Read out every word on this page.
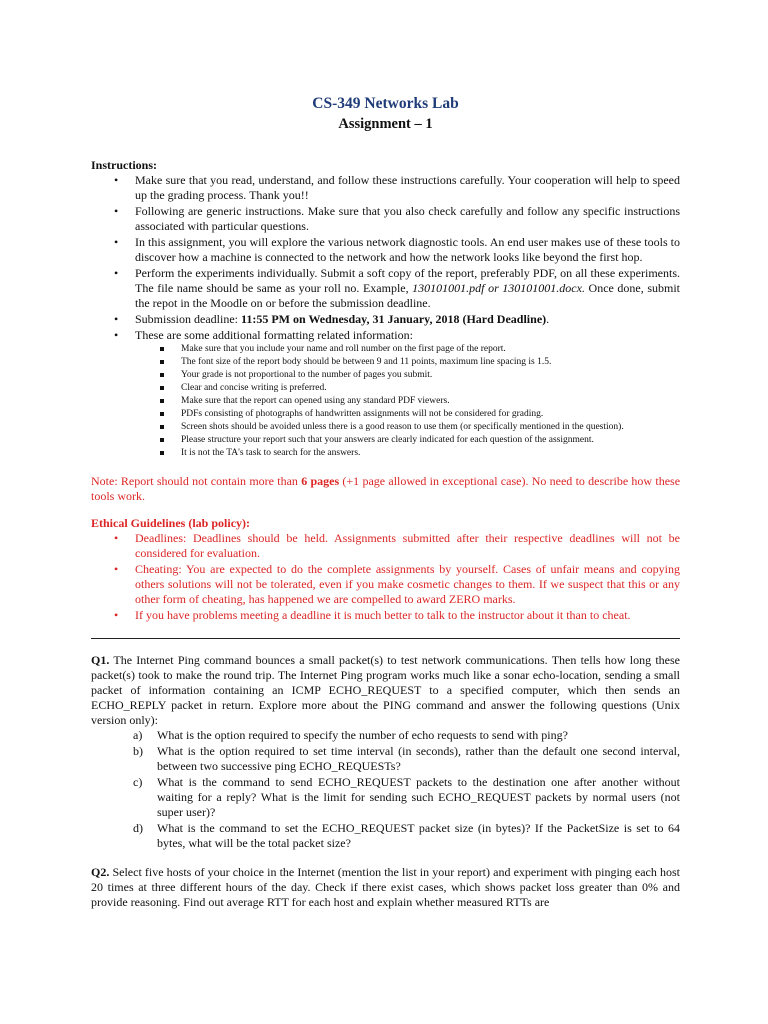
CS-349 Networks Lab
Assignment – 1

Instructions:

• Make sure that you read, understand, and follow these instructions carefully. Your cooperation will help to speed up the grading process. Thank you!!
• Following are generic instructions. Make sure that you also check carefully and follow any specific instructions associated with particular questions.
• In this assignment, you will explore the various network diagnostic tools. An end user makes use of these tools to discover how a machine is connected to the network and how the network looks like beyond the first hop.
• Perform the experiments individually. Submit a soft copy of the report, preferably PDF, on all these experiments. The file name should be same as your roll no. Example, 130101001.pdf or 130101001.docx. Once done, submit the repot in the Moodle on or before the submission deadline.
• Submission deadline: 11:55 PM on Wednesday, 31 January, 2018 (Hard Deadline).
• These are some additional formatting related information:
Make sure that you include your name and roll number on the first page of the report.
The font size of the report body should be between 9 and 11 points, maximum line spacing is 1.5.
Your grade is not proportional to the number of pages you submit.
Clear and concise writing is preferred.
Make sure that the report can opened using any standard PDF viewers.
PDFs consisting of photographs of handwritten assignments will not be considered for grading.
Screen shots should be avoided unless there is a good reason to use them (or specifically mentioned in the question).
Please structure your report such that your answers are clearly indicated for each question of the assignment.
It is not the TA's task to search for the answers.

Note: Report should not contain more than 6 pages (+1 page allowed in exceptional case). No need to describe how these tools work.

Ethical Guidelines (lab policy):

• Deadlines: Deadlines should be held. Assignments submitted after their respective deadlines will not be considered for evaluation.
• Cheating: You are expected to do the complete assignments by yourself. Cases of unfair means and copying others solutions will not be tolerated, even if you make cosmetic changes to them. If we suspect that this or any other form of cheating, has happened we are compelled to award ZERO marks.
• If you have problems meeting a deadline it is much better to talk to the instructor about it than to cheat.

Q1. The Internet Ping command bounces a small packet(s) to test network communications. Then tells how long these packet(s) took to make the round trip. The Internet Ping program works much like a sonar echo-location, sending a small packet of information containing an ICMP ECHO_REQUEST to a specified computer, which then sends an ECHO_REPLY packet in return. Explore more about the PING command and answer the following questions (Unix version only):

a) What is the option required to specify the number of echo requests to send with ping?
b) What is the option required to set time interval (in seconds), rather than the default one second interval, between two successive ping ECHO_REQUESTs?
c) What is the command to send ECHO_REQUEST packets to the destination one after another without waiting for a reply? What is the limit for sending such ECHO_REQUEST packets by normal users (not super user)?
d) What is the command to set the ECHO_REQUEST packet size (in bytes)? If the PacketSize is set to 64 bytes, what will be the total packet size?

Q2. Select five hosts of your choice in the Internet (mention the list in your report) and experiment with pinging each host 20 times at three different hours of the day. Check if there exist cases, which shows packet loss greater than 0% and provide reasoning. Find out average RTT for each host and explain whether measured RTTs are
